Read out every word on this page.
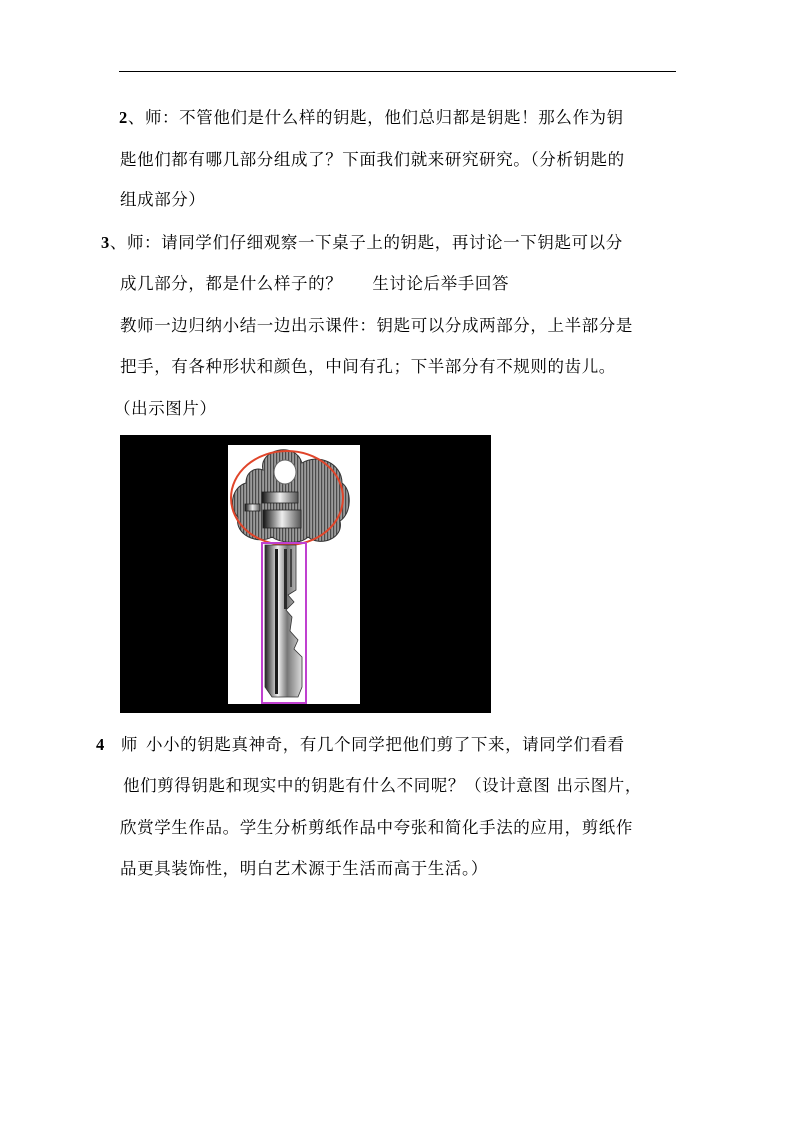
2、师：不管他们是什么样的钥匙，他们总归都是钥匙！那么作为钥
匙他们都有哪几部分组成了？下面我们就来研究研究。（分析钥匙的
组成部分）
3、师：请同学们仔细观察一下桌子上的钥匙，再讨论一下钥匙可以分
成几部分，都是什么样子的？ 生讨论后举手回答
教师一边归纳小结一边出示课件：钥匙可以分成两部分，上半部分是
把手，有各种形状和颜色，中间有孔；下半部分有不规则的齿儿。
（出示图片）
4 师 小小的钥匙真神奇，有几个同学把他们剪了下来，请同学们看看
他们剪得钥匙和现实中的钥匙有什么不同呢？（设计意图 出示图片，
欣赏学生作品。学生分析剪纸作品中夸张和简化手法的应用，剪纸作
品更具装饰性，明白艺术源于生活而高于生活。）
